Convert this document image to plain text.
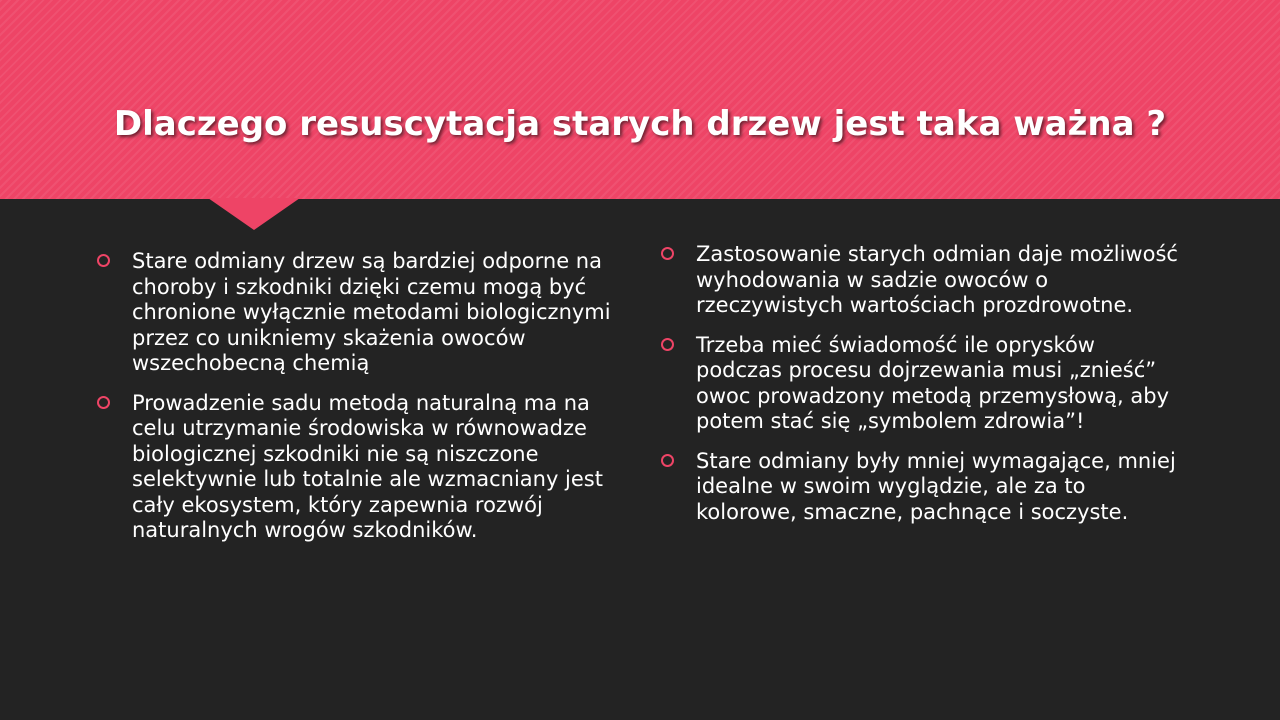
Dlaczego resuscytacja starych drzew jest taka ważna ?
Stare odmiany drzew są bardziej odporne na choroby i szkodniki dzięki czemu mogą być chronione wyłącznie metodami biologicznymi przez co unikniemy skażenia owoców wszechobecną chemią
Prowadzenie sadu metodą naturalną ma na celu utrzymanie środowiska w równowadze biologicznej szkodniki nie są niszczone selektywnie lub totalnie ale wzmacniany jest cały ekosystem, który zapewnia rozwój naturalnych wrogów szkodników.
Zastosowanie starych odmian daje możliwość wyhodowania w sadzie owoców o rzeczywistych wartościach prozdrowotne.
Trzeba mieć świadomość ile oprysków podczas procesu dojrzewania musi „znieść” owoc prowadzony metodą przemysłową, aby potem stać się „symbolem zdrowia”!
Stare odmiany były mniej wymagające, mniej idealne w swoim wyglądzie, ale za to kolorowe, smaczne, pachnące i soczyste.
